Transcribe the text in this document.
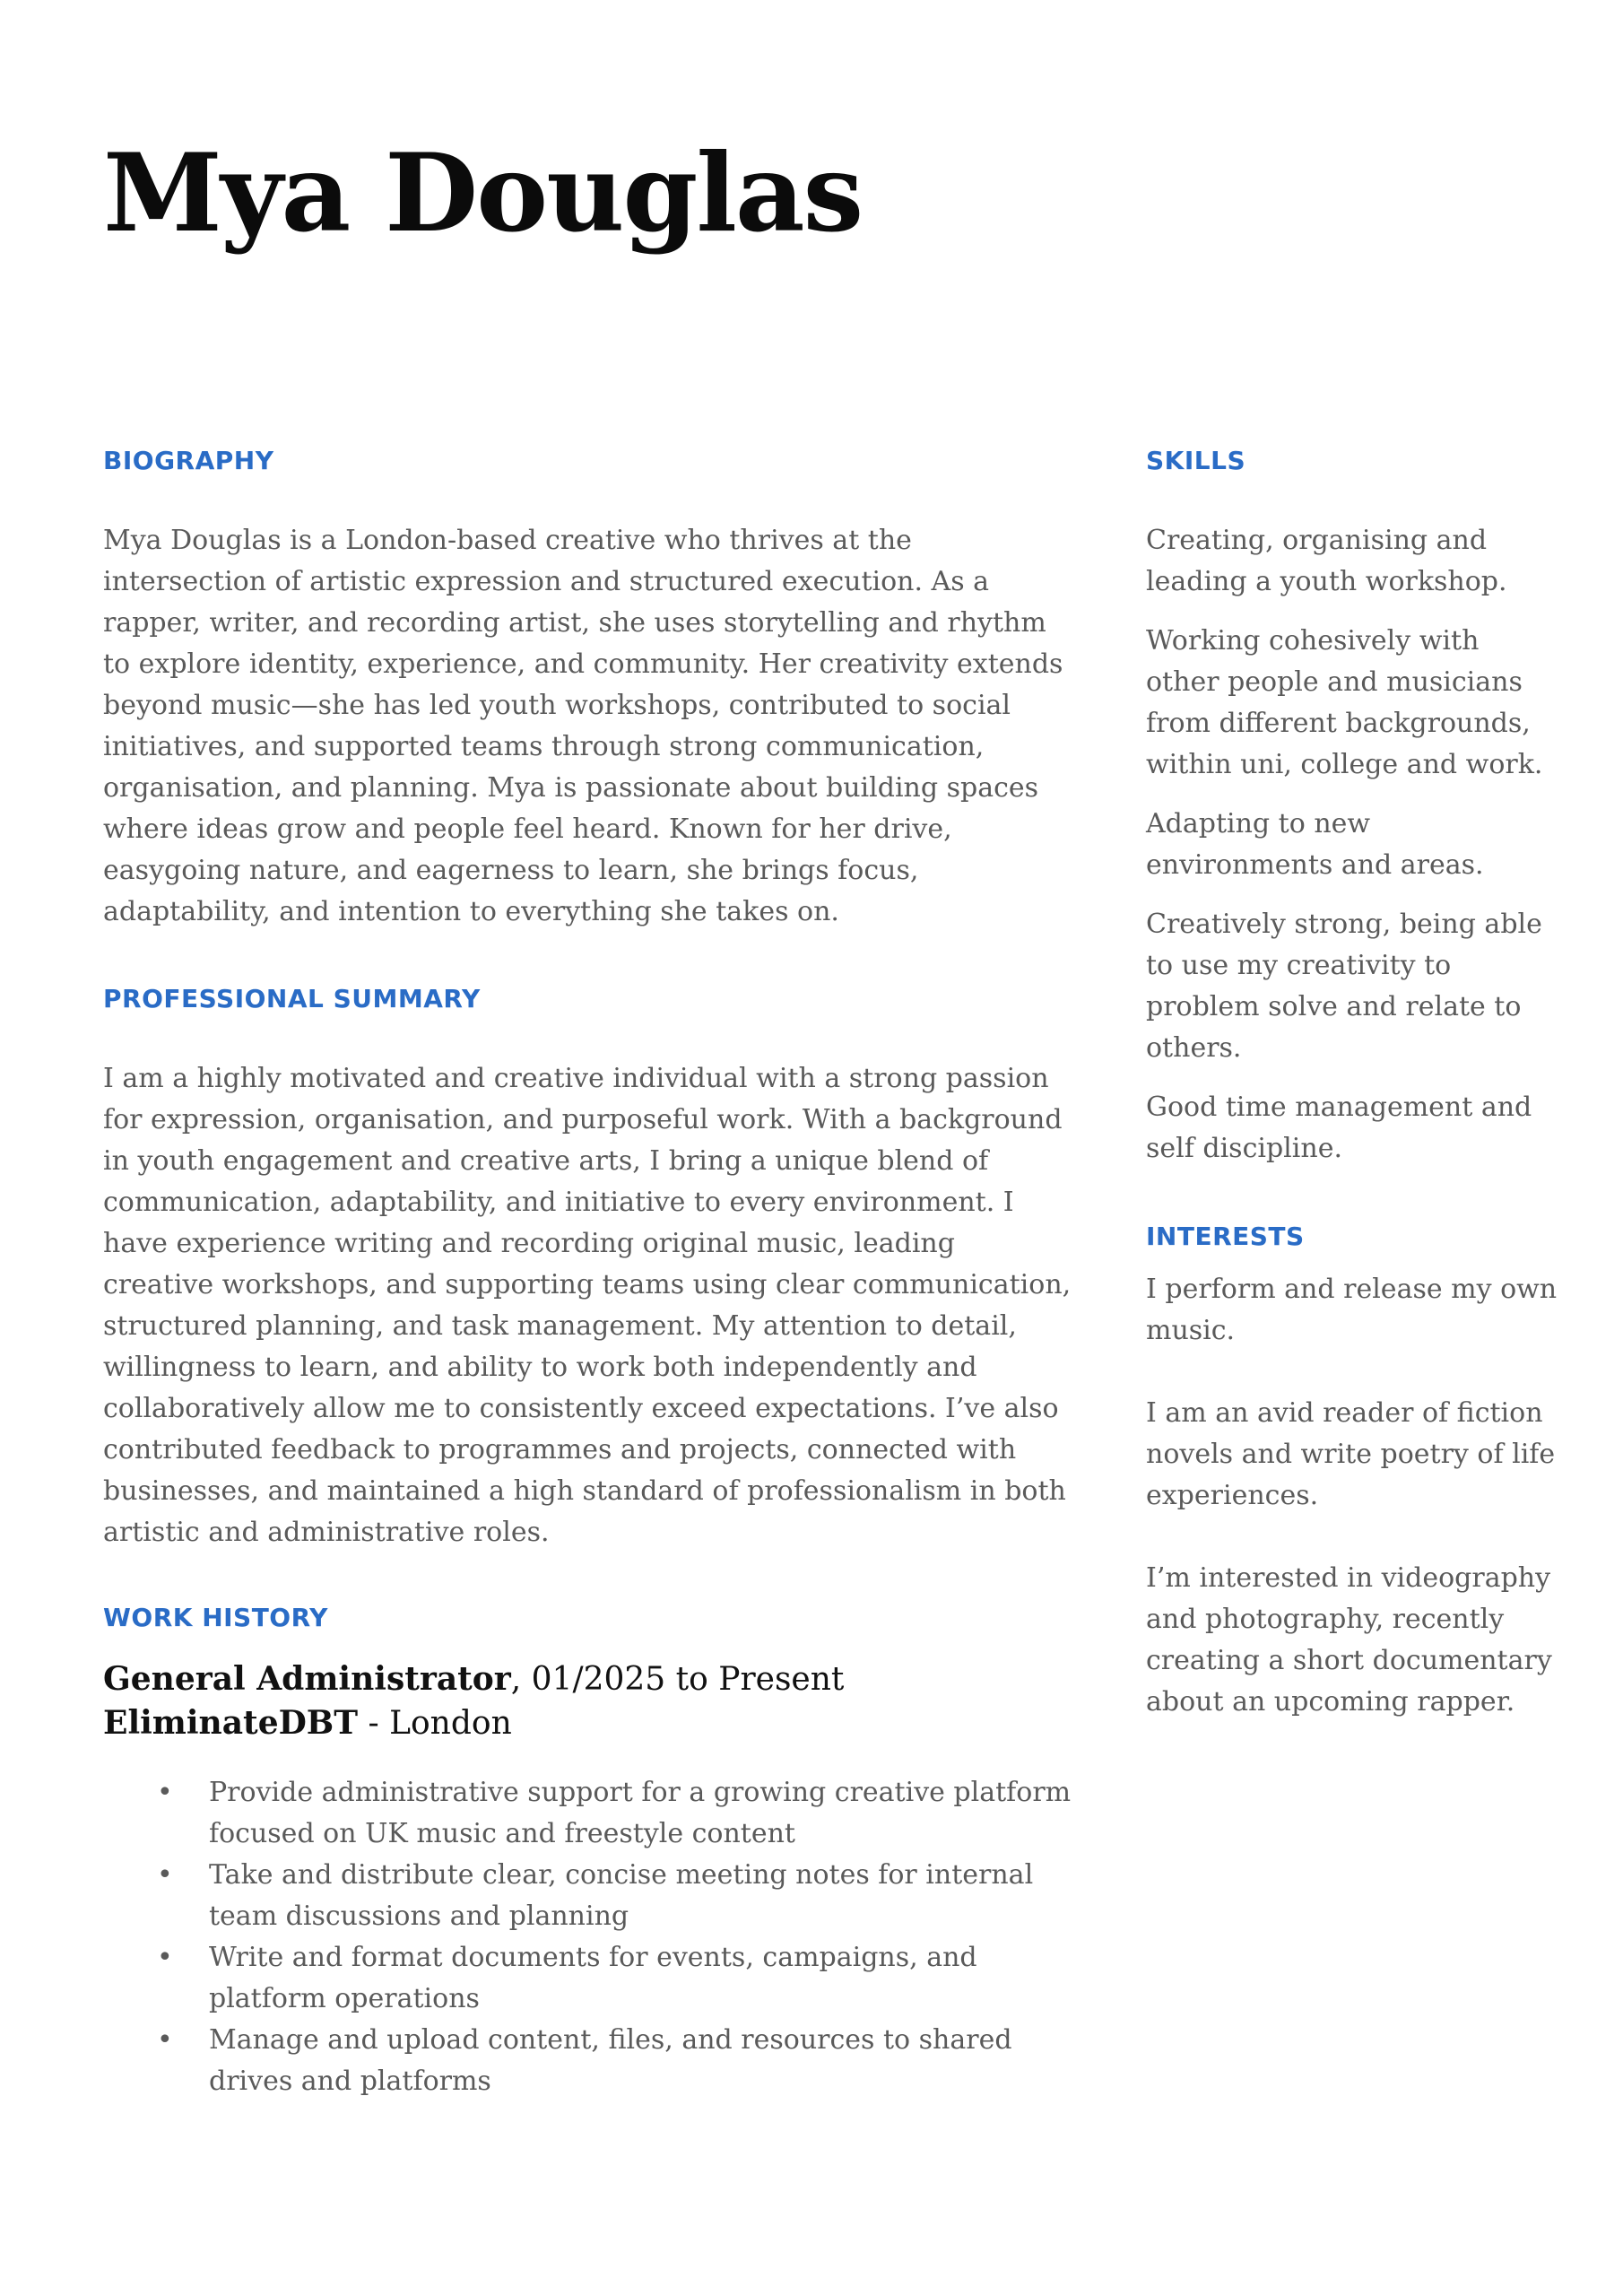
Mya Douglas
BIOGRAPHY

Mya Douglas is a London-based creative who thrives at the intersection of artistic expression and structured execution. As a rapper, writer, and recording artist, she uses storytelling and rhythm to explore identity, experience, and community. Her creativity extends beyond music—she has led youth workshops, contributed to social initiatives, and supported teams through strong communication, organisation, and planning. Mya is passionate about building spaces where ideas grow and people feel heard. Known for her drive, easygoing nature, and eagerness to learn, she brings focus, adaptability, and intention to everything she takes on.

PROFESSIONAL SUMMARY

I am a highly motivated and creative individual with a strong passion for expression, organisation, and purposeful work. With a background in youth engagement and creative arts, I bring a unique blend of communication, adaptability, and initiative to every environment. I have experience writing and recording original music, leading creative workshops, and supporting teams using clear communication, structured planning, and task management. My attention to detail, willingness to learn, and ability to work both independently and collaboratively allow me to consistently exceed expectations. I’ve also contributed feedback to programmes and projects, connected with businesses, and maintained a high standard of professionalism in both artistic and administrative roles.

WORK HISTORY

General Administrator, 01/2025 to Present

EliminateDBT - London

• Provide administrative support for a growing creative platform focused on UK music and freestyle content
• Take and distribute clear, concise meeting notes for internal team discussions and planning
• Write and format documents for events, campaigns, and platform operations
• Manage and upload content, files, and resources to shared drives and platforms
SKILLS

Creating, organising and leading a youth workshop.

Working cohesively with other people and musicians from different backgrounds, within uni, college and work.

Adapting to new environments and areas.

Creatively strong, being able to use my creativity to problem solve and relate to others.

Good time management and self discipline.

INTERESTS

I perform and release my own music.

I am an avid reader of fiction novels and write poetry of life experiences.

I’m interested in videography and photography, recently creating a short documentary about an upcoming rapper.
